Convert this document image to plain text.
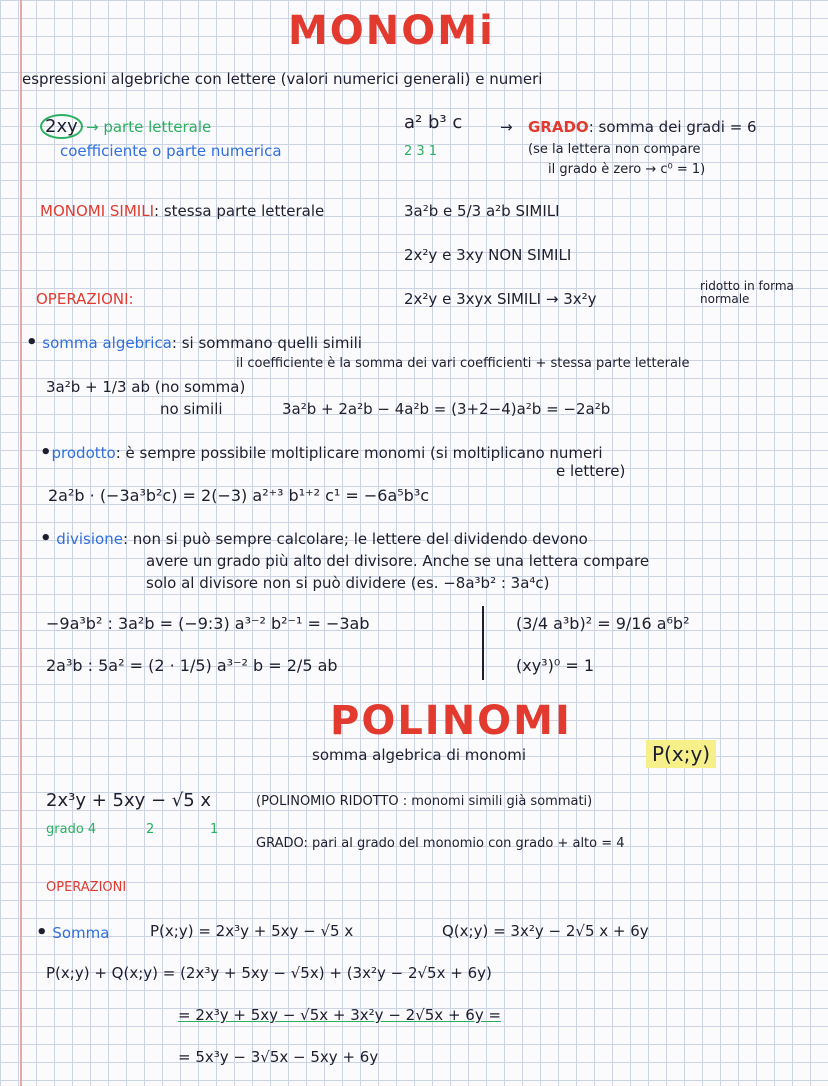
MONOMi
espressioni algebriche con lettere (valori numerici generali) e numeri
2xy → parte letterale
coefficiente o parte numerica
a² b³ c
2 3 1
→ GRADO: somma dei gradi = 6
(se la lettera non compare
il grado è zero → c⁰ = 1)
MONOMI SIMILI: stessa parte letterale	3a²b e 5/3 a²b SIMILI
2x²y e 3xy NON SIMILI
OPERAZIONI:	2x²y e 3xyx SIMILI → 3x²y
ridotto in forma normale
• somma algebrica: si sommano quelli simili
il coefficiente è la somma dei vari coefficienti + stessa parte letterale
3a²b + 1/3 ab (no somma)
no simili	3a²b + 2a²b − 4a²b = (3+2−4)a²b = −2a²b
•prodotto: è sempre possibile moltiplicare monomi (si moltiplicano numeri
e lettere)
2a²b · (−3a³b²c) = 2(−3) a²⁺³ b¹⁺² c¹ = −6a⁵b³c
• divisione: non si può sempre calcolare; le lettere del dividendo devono
avere un grado più alto del divisore. Anche se una lettera compare
solo al divisore non si può dividere (es. −8a³b² : 3a⁴c)
−9a³b² : 3a²b = (−9:3) a³⁻² b²⁻¹ = −3ab
2a³b : 5a² = (2 · 1/5) a³⁻² b = 2/5 ab
(3/4 a³b)² = 9/16 a⁶b²
(xy³)⁰ = 1
POLINOMI
somma algebrica di monomi	P(x;y)
2x³y + 5xy − √5 x	(POLINOMIO RIDOTTO : monomi simili già sommati)
grado 4	2	1
GRADO: pari al grado del monomio con grado + alto = 4
OPERAZIONI
• Somma	P(x;y) = 2x³y + 5xy − √5 x	Q(x;y) = 3x²y − 2√5 x + 6y
P(x;y) + Q(x;y) = (2x³y + 5xy − √5x) + (3x²y − 2√5x + 6y)
= 2x³y + 5xy − √5x + 3x²y − 2√5x + 6y =
= 5x³y − 3√5x − 5xy + 6y
